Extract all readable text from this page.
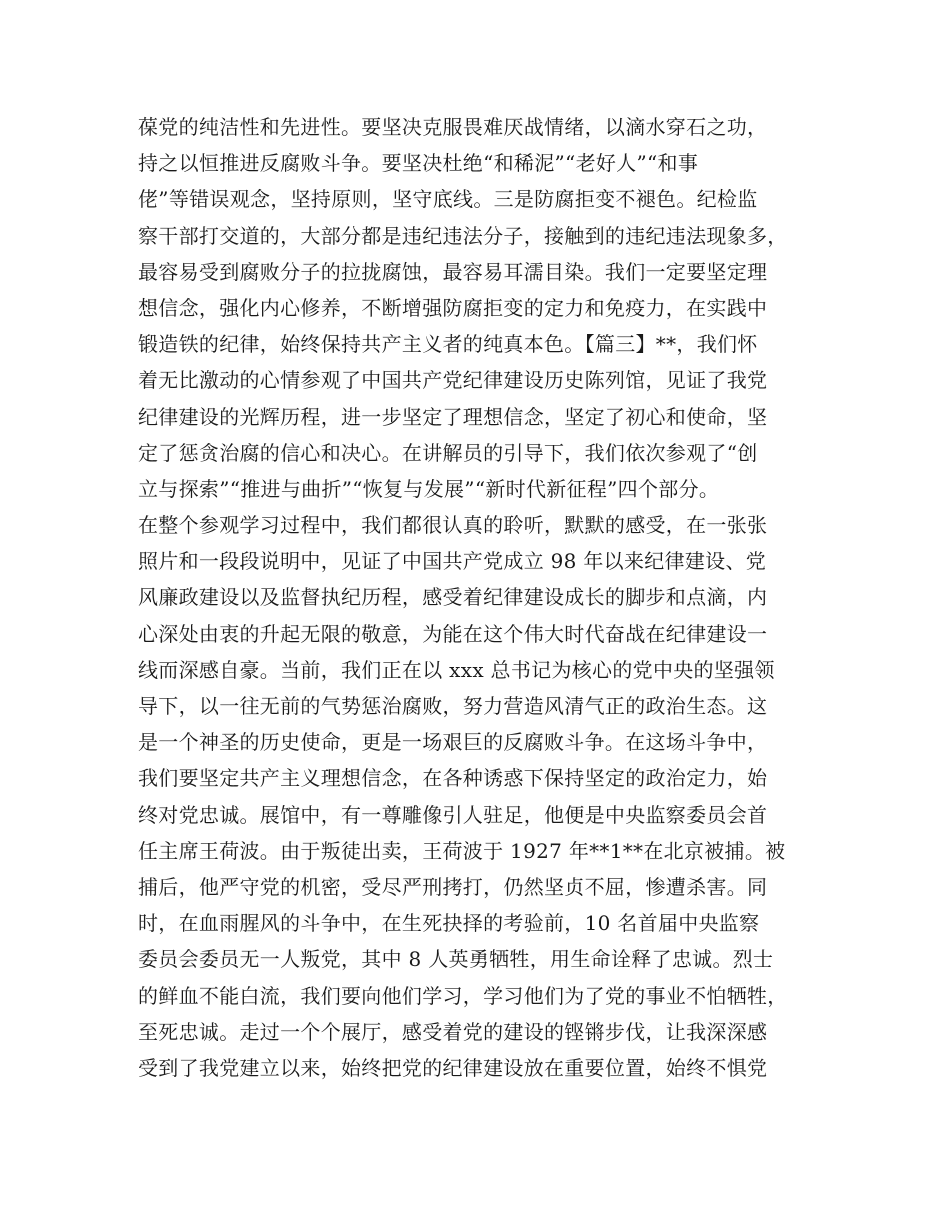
葆党的纯洁性和先进性。要坚决克服畏难厌战情绪，以滴水穿石之功，
持之以恒推进反腐败斗争。要坚决杜绝“和稀泥”“老好人”“和事
佬”等错误观念，坚持原则，坚守底线。三是防腐拒变不褪色。纪检监
察干部打交道的，大部分都是违纪违法分子，接触到的违纪违法现象多，
最容易受到腐败分子的拉拢腐蚀，最容易耳濡目染。我们一定要坚定理
想信念，强化内心修养，不断增强防腐拒变的定力和免疫力，在实践中
锻造铁的纪律，始终保持共产主义者的纯真本色。【篇三】**，我们怀
着无比激动的心情参观了中国共产党纪律建设历史陈列馆，见证了我党
纪律建设的光辉历程，进一步坚定了理想信念，坚定了初心和使命，坚
定了惩贪治腐的信心和决心。在讲解员的引导下，我们依次参观了“创
立与探索”“推进与曲折”“恢复与发展”“新时代新征程”四个部分。
在整个参观学习过程中，我们都很认真的聆听，默默的感受，在一张张
照片和一段段说明中，见证了中国共产党成立 98 年以来纪律建设、党
风廉政建设以及监督执纪历程，感受着纪律建设成长的脚步和点滴，内
心深处由衷的升起无限的敬意，为能在这个伟大时代奋战在纪律建设一
线而深感自豪。当前，我们正在以 xxx 总书记为核心的党中央的坚强领
导下，以一往无前的气势惩治腐败，努力营造风清气正的政治生态。这
是一个神圣的历史使命，更是一场艰巨的反腐败斗争。在这场斗争中，
我们要坚定共产主义理想信念，在各种诱惑下保持坚定的政治定力，始
终对党忠诚。展馆中，有一尊雕像引人驻足，他便是中央监察委员会首
任主席王荷波。由于叛徒出卖，王荷波于 1927 年**1**在北京被捕。被
捕后，他严守党的机密，受尽严刑拷打，仍然坚贞不屈，惨遭杀害。同
时，在血雨腥风的斗争中，在生死抉择的考验前，10 名首届中央监察
委员会委员无一人叛党，其中 8 人英勇牺牲，用生命诠释了忠诚。烈士
的鲜血不能白流，我们要向他们学习，学习他们为了党的事业不怕牺牲，
至死忠诚。走过一个个展厅，感受着党的建设的铿锵步伐，让我深深感
受到了我党建立以来，始终把党的纪律建设放在重要位置，始终不惧党
